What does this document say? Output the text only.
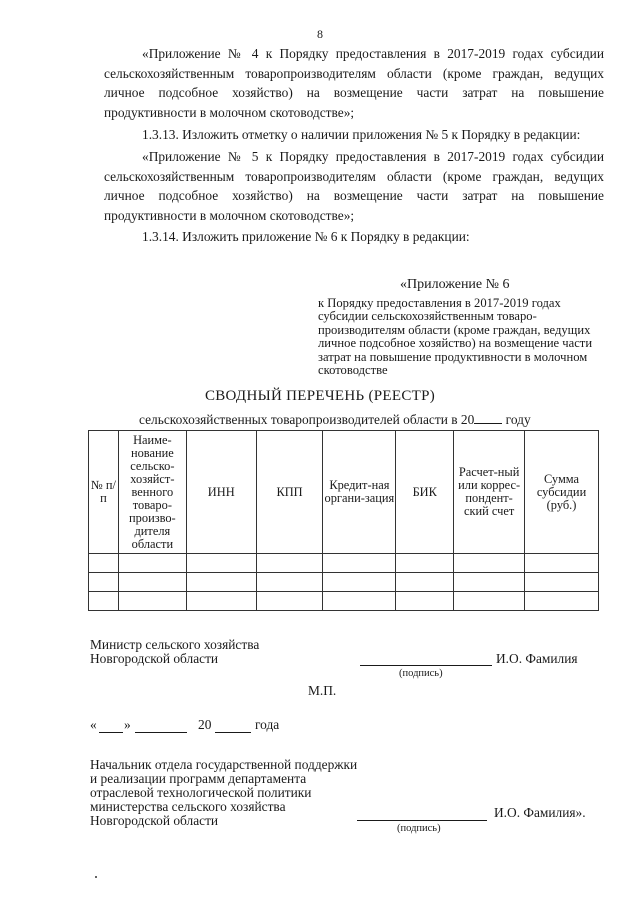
8
«Приложение № 4 к Порядку предоставления в 2017-2019 годах субсидии сельскохозяйственным товаропроизводителям области (кроме граждан, ведущих личное подсобное хозяйство) на возмещение части затрат на повышение продуктивности в молочном скотоводстве»;
1.3.13. Изложить отметку о наличии приложения № 5 к Порядку в редакции:
«Приложение № 5 к Порядку предоставления в 2017-2019 годах субсидии сельскохозяйственным товаропроизводителям области (кроме граждан, ведущих личное подсобное хозяйство) на возмещение части затрат на повышение продуктивности в молочном скотоводстве»;
1.3.14. Изложить приложение № 6 к Порядку в редакции:
«Приложение № 6
к Порядку предоставления в 2017-2019 годах субсидии сельскохозяйственным товаро-производителям области (кроме граждан, ведущих личное подсобное хозяйство) на возмещение части затрат на повышение продуктивности в молочном скотоводстве
СВОДНЫЙ ПЕРЕЧЕНЬ (РЕЕСТР)
сельскохозяйственных товаропроизводителей области в 20 году
№ п/п	Наиме-нование сельско-хозяйст-венного товаро-произво-дителя области	ИНН	КПП	Кредит-ная органи-зация	БИК	Расчет-ный или коррес-пондент-ский счет	Сумма субсидии (руб.)

Министр сельского хозяйства Новгородской области	И.О. Фамилия
(подпись)
М.П.
« »	20	года
Начальник отдела государственной поддержки и реализации программ департамента отраслевой технологической политики министерства сельского хозяйства Новгородской области
И.О. Фамилия».
(подпись)
